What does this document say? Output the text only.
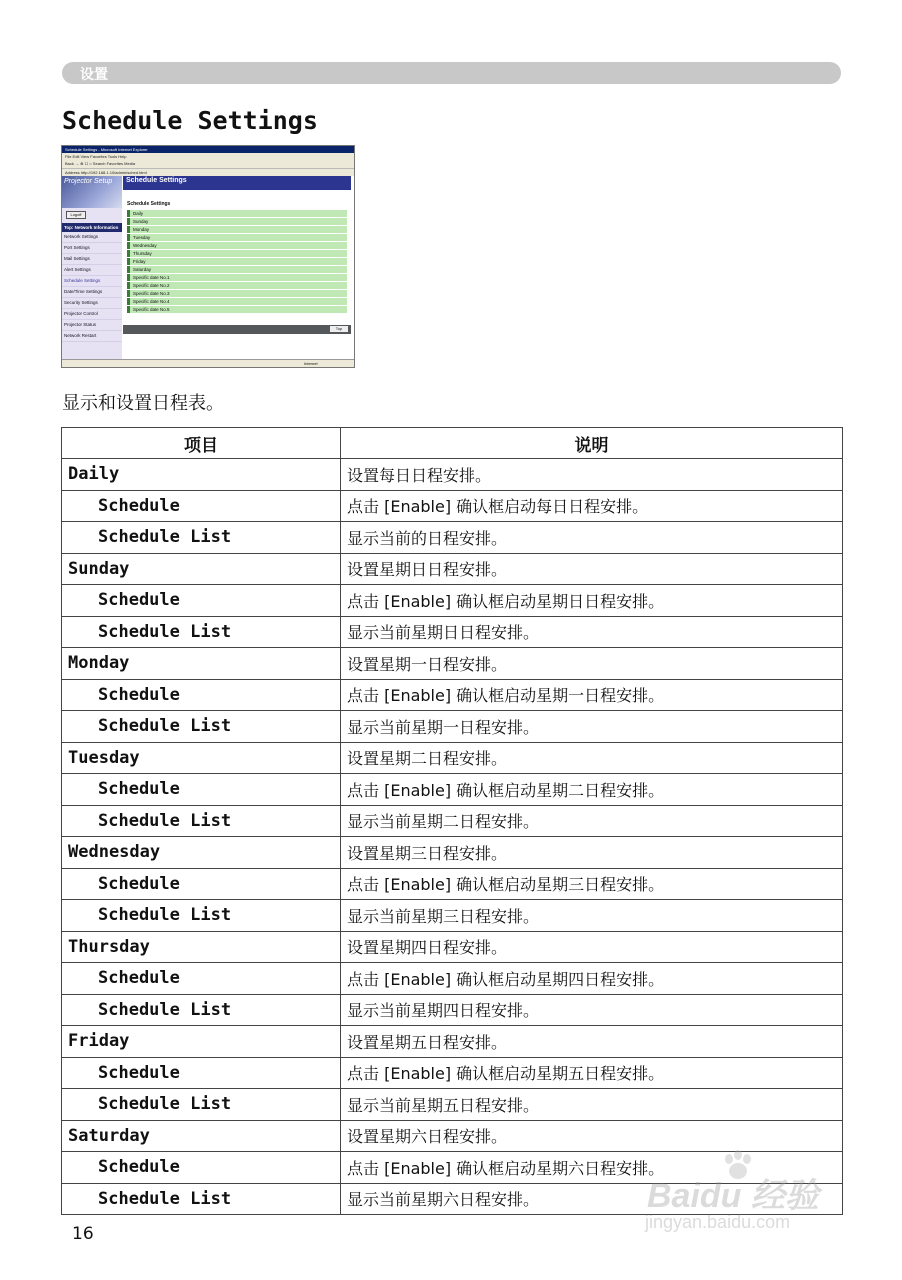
设置
Schedule Settings
Schedule Settings - Microsoft Internet Explorer
File Edit View Favorites Tools Help
Back → ⊗ ☐ ⌂ Search Favorites Media
Address http://192.168.1.10/admin/sched.html
Projector Setup
Logoff
Top: Network Information
Network Settings
Port Settings
Mail Settings
Alert Settings
Schedule Settings
Date/Time Settings
Security Settings
Projector Control
Projector Status
Network Restart
Schedule Settings
Schedule Settings
Daily
Sunday
Monday
Tuesday
Wednesday
Thursday
Friday
Saturday
Specific date No.1
Specific date No.2
Specific date No.3
Specific date No.4
Specific date No.5
Top
Internet

显示和设置日程表。

项目	说明
Daily	设置每日日程安排。
Schedule	点击 [Enable] 确认框启动每日日程安排。
Schedule List	显示当前的日程安排。
Sunday	设置星期日日程安排。
Schedule	点击 [Enable] 确认框启动星期日日程安排。
Schedule List	显示当前星期日日程安排。
Monday	设置星期一日程安排。
Schedule	点击 [Enable] 确认框启动星期一日程安排。
Schedule List	显示当前星期一日程安排。
Tuesday	设置星期二日程安排。
Schedule	点击 [Enable] 确认框启动星期二日程安排。
Schedule List	显示当前星期二日程安排。
Wednesday	设置星期三日程安排。
Schedule	点击 [Enable] 确认框启动星期三日程安排。
Schedule List	显示当前星期三日程安排。
Thursday	设置星期四日程安排。
Schedule	点击 [Enable] 确认框启动星期四日程安排。
Schedule List	显示当前星期四日程安排。
Friday	设置星期五日程安排。
Schedule	点击 [Enable] 确认框启动星期五日程安排。
Schedule List	显示当前星期五日程安排。
Saturday	设置星期六日程安排。
Schedule	点击 [Enable] 确认框启动星期六日程安排。
Schedule List	显示当前星期六日程安排。

16

Baidu 经验
jingyan.baidu.com
